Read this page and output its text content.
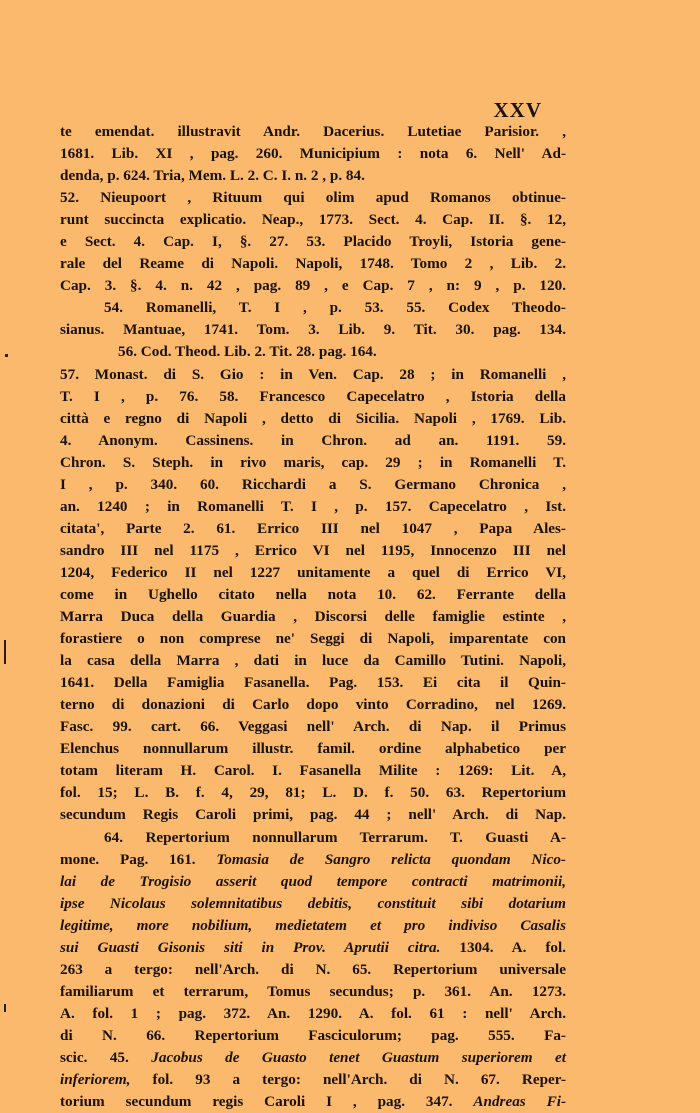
XXV
te emendat. illustravit Andr. Dacerius. Lutetiae Parisior. ,
1681. Lib. XI , pag. 260. Municipium : nota 6. Nell' Ad-
denda, p. 624. Tria, Mem. L. 2. C. I. n. 2 , p. 84.
52. Nieupoort , Rituum qui olim apud Romanos obtinue-
runt succincta explicatio. Neap., 1773. Sect. 4. Cap. II. §. 12,
e Sect. 4. Cap. I, §. 27. 53. Placido Troyli, Istoria gene-
rale del Reame di Napoli. Napoli, 1748. Tomo 2 , Lib. 2.
Cap. 3. §. 4. n. 42 , pag. 89 , e Cap. 7 , n: 9 , p. 120.
54. Romanelli, T. I , p. 53. 55. Codex Theodo-
sianus. Mantuae, 1741. Tom. 3. Lib. 9. Tit. 30. pag. 134.
56. Cod. Theod. Lib. 2. Tit. 28. pag. 164.
57. Monast. di S. Gio : in Ven. Cap. 28 ; in Romanelli ,
T. I , p. 76. 58. Francesco Capecelatro , Istoria della
città e regno di Napoli , detto di Sicilia. Napoli , 1769. Lib.
4. Anonym. Cassinens. in Chron. ad an. 1191. 59.
Chron. S. Steph. in rivo maris, cap. 29 ; in Romanelli T.
I , p. 340. 60. Ricchardi a S. Germano Chronica ,
an. 1240 ; in Romanelli T. I , p. 157. Capecelatro , Ist.
citata', Parte 2. 61. Errico III nel 1047 , Papa Ales-
sandro III nel 1175 , Errico VI nel 1195, Innocenzo III nel
1204, Federico II nel 1227 unitamente a quel di Errico VI,
come in Ughello citato nella nota 10. 62. Ferrante della
Marra Duca della Guardia , Discorsi delle famiglie estinte ,
forastiere o non comprese ne' Seggi di Napoli, imparentate con
la casa della Marra , dati in luce da Camillo Tutini. Napoli,
1641. Della Famiglia Fasanella. Pag. 153. Ei cita il Quin-
terno di donazioni di Carlo dopo vinto Corradino, nel 1269.
Fasc. 99. cart. 66. Veggasi nell' Arch. di Nap. il Primus
Elenchus nonnullarum illustr. famil. ordine alphabetico per
totam literam H. Carol. I. Fasanella Milite : 1269: Lit. A,
fol. 15; L. B. f. 4, 29, 81; L. D. f. 50. 63. Repertorium
secundum Regis Caroli primi, pag. 44 ; nell' Arch. di Nap.
64. Repertorium nonnullarum Terrarum. T. Guasti A-
mone. Pag. 161. Tomasia de Sangro relicta quondam Nico-
lai de Trogisio asserit quod tempore contracti matrimonii,
ipse Nicolaus solemnitatibus debitis, constituit sibi dotarium
legitime, more nobilium, medietatem et pro indiviso Casalis
sui Guasti Gisonis siti in Prov. Aprutii citra. 1304. A. fol.
263 a tergo: nell'Arch. di N. 65. Repertorium universale
familiarum et terrarum, Tomus secundus; p. 361. An. 1273.
A. fol. 1 ; pag. 372. An. 1290. A. fol. 61 : nell' Arch.
di N. 66. Repertorium Fasciculorum; pag. 555. Fa-
scic. 45. Jacobus de Guasto tenet Guastum superiorem et
inferiorem, fol. 93 a tergo: nell'Arch. di N. 67. Reper-
torium secundum regis Caroli I , pag. 347. Andreas Fi-
